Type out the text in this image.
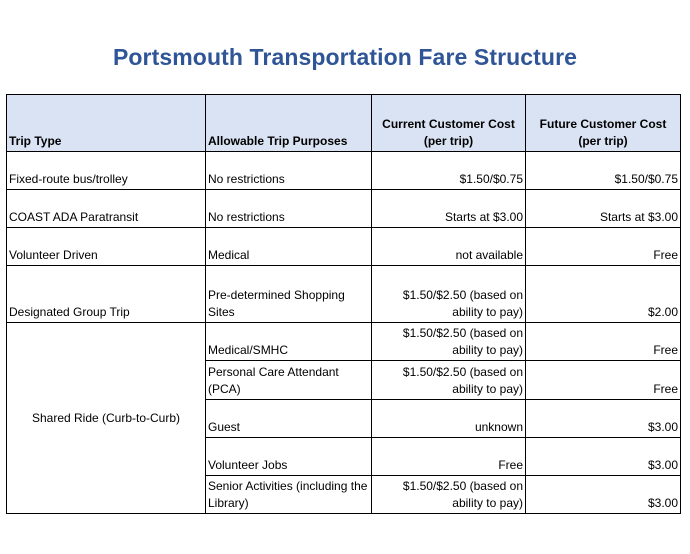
Portsmouth Transportation Fare Structure
Trip Type	Allowable Trip Purposes	Current Customer Cost (per trip)	Future Customer Cost (per trip)
Fixed-route bus/trolley	No restrictions	$1.50/$0.75	$1.50/$0.75
COAST ADA Paratransit	No restrictions	Starts at $3.00	Starts at $3.00
Volunteer Driven	Medical	not available	Free
Designated Group Trip	Pre-determined Shopping Sites	$1.50/$2.50 (based on ability to pay)	$2.00
Shared Ride (Curb-to-Curb)	Medical/SMHC	$1.50/$2.50 (based on ability to pay)	Free
	Personal Care Attendant (PCA)	$1.50/$2.50 (based on ability to pay)	Free
	Guest	unknown	$3.00
	Volunteer Jobs	Free	$3.00
	Senior Activities (including the Library)	$1.50/$2.50 (based on ability to pay)	$3.00
